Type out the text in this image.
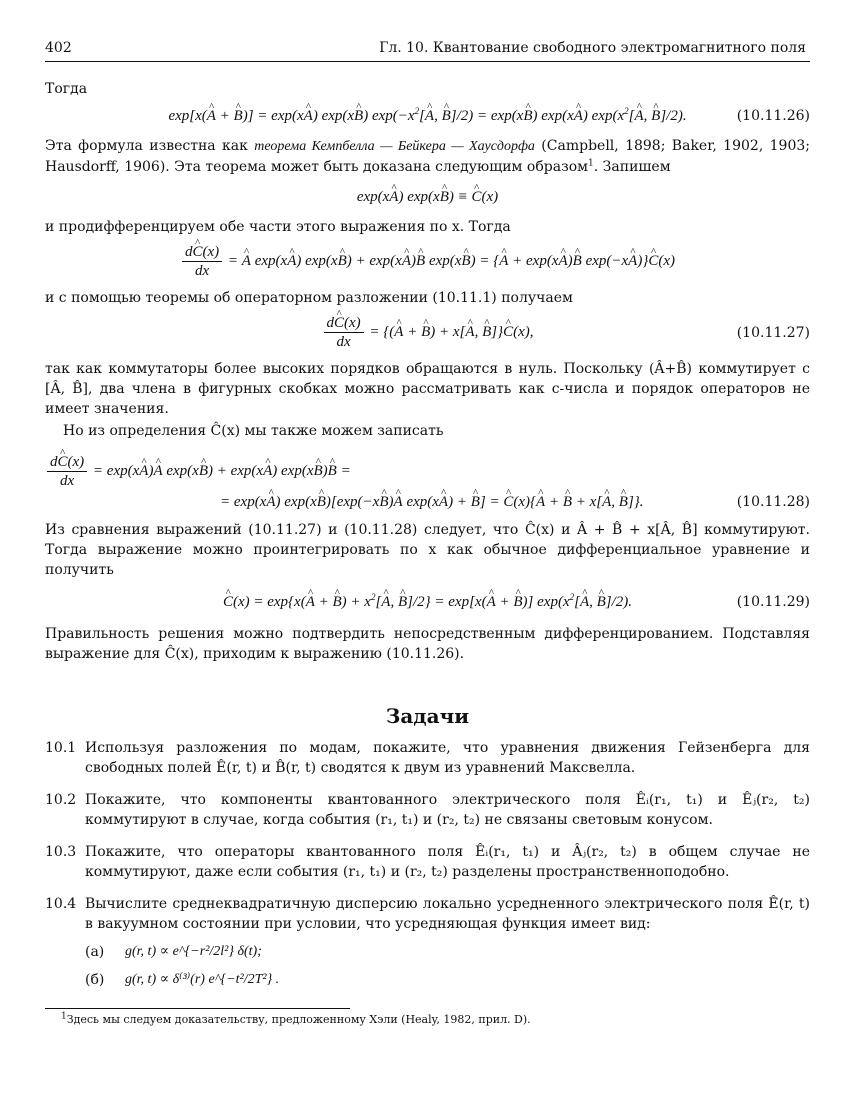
402	Гл. 10. Квантование свободного электромагнитного поля

Тогда

exp[x(A ^ + B ^)] = exp(xA ^) exp(xB ^) $\exp(-x^2[A$ ^, B ^]/2) = exp(xB ^) exp(xA ^) $\exp(x^2[A$ ^, B ^]/2).	(10.11.26)

Эта формула известна как теорема Кемпбелла — Бейкера — Хаусдорфа (Campbell, 1898; Baker, 1902, 1903; Hausdorff, 1906). Эта теорема может быть доказана следующим образом$^1$. Запишем

exp(xA ^) exp(xB ^) ≡ C ^(x)

и продифференцируем обе части этого выражения по x. Тогда

$\frac{dC \^{}(x)}{dx} = A$ ^ exp(xA ^) exp(xB ^) + exp(xA ^)B ^ exp(xB ^) = {A ^ + exp(xA ^)B ^ exp(−xA ^)}C ^(x)

и с помощью теоремы об операторном разложении (10.11.1) получаем

$\frac{dC \^{}(x)}{dx} = \{(A$ ^ + B ^) + x[A ^, B ^]}C ^(x),	(10.11.27)

так как коммутаторы более высоких порядков обращаются в нуль. Поскольку (Â+B̂) коммутирует с [Â, B̂], два члена в фигурных скобках можно рассматривать как c-числа и порядок операторов не имеет значения.

Но из определения Ĉ(x) мы также можем записать

$\frac{dC \^{}(x)}{dx} = \exp(xA$ ^)A ^ exp(xB ^) + exp(xA ^) exp(xB ^)B ^ =
= exp(xA ^) exp(xB ^)[exp(−xB ^)A ^ exp(xA ^) + B ^] = C ^(x){A ^ + B ^ + x[A ^, B ^]}.	(10.11.28)

Из сравнения выражений (10.11.27) и (10.11.28) следует, что Ĉ(x) и Â + B̂ + x[Â, B̂] коммутируют. Тогда выражение можно проинтегрировать по x как обычное дифференциальное уравнение и получить

C ^(x) = exp{x(A ^ + B ^) + $x^2[A$ ^, B ^]/2} = exp[x(A ^ + B ^)] $\exp(x^2[A$ ^, B ^]/2).	(10.11.29)

Правильность решения можно подтвердить непосредственным дифференцированием. Подставляя выражение для Ĉ(x), приходим к выражению (10.11.26).

Задачи
10.1 Используя разложения по модам, покажите, что уравнения движения Гейзенберга для свободных полей Ê(r, t) и B̂(r, t) сводятся к двум из уравнений Максвелла.
10.2 Покажите, что компоненты квантованного электрического поля Êᵢ(r₁, t₁) и Êⱼ(r₂, t₂) коммутируют в случае, когда события (r₁, t₁) и (r₂, t₂) не связаны световым конусом.
10.3 Покажите, что операторы квантованного поля Êᵢ(r₁, t₁) и Âⱼ(r₂, t₂) в общем случае не коммутируют, даже если события (r₁, t₁) и (r₂, t₂) разделены пространственноподобно.
10.4 Вычислите среднеквадратичную дисперсию локально усредненного электрического поля Ê̄(r, t) в вакуумном состоянии при условии, что усредняющая функция имеет вид:
(а)	g(r, t) ∝ e^{−r²/2l²} δ(t);
(б)	g(r, t) ∝ δ⁽³⁾(r) e^{−t²/2T²} .
$^1$Здесь мы следуем доказательству, предложенному Хэли (Healy, 1982, прил. D).
